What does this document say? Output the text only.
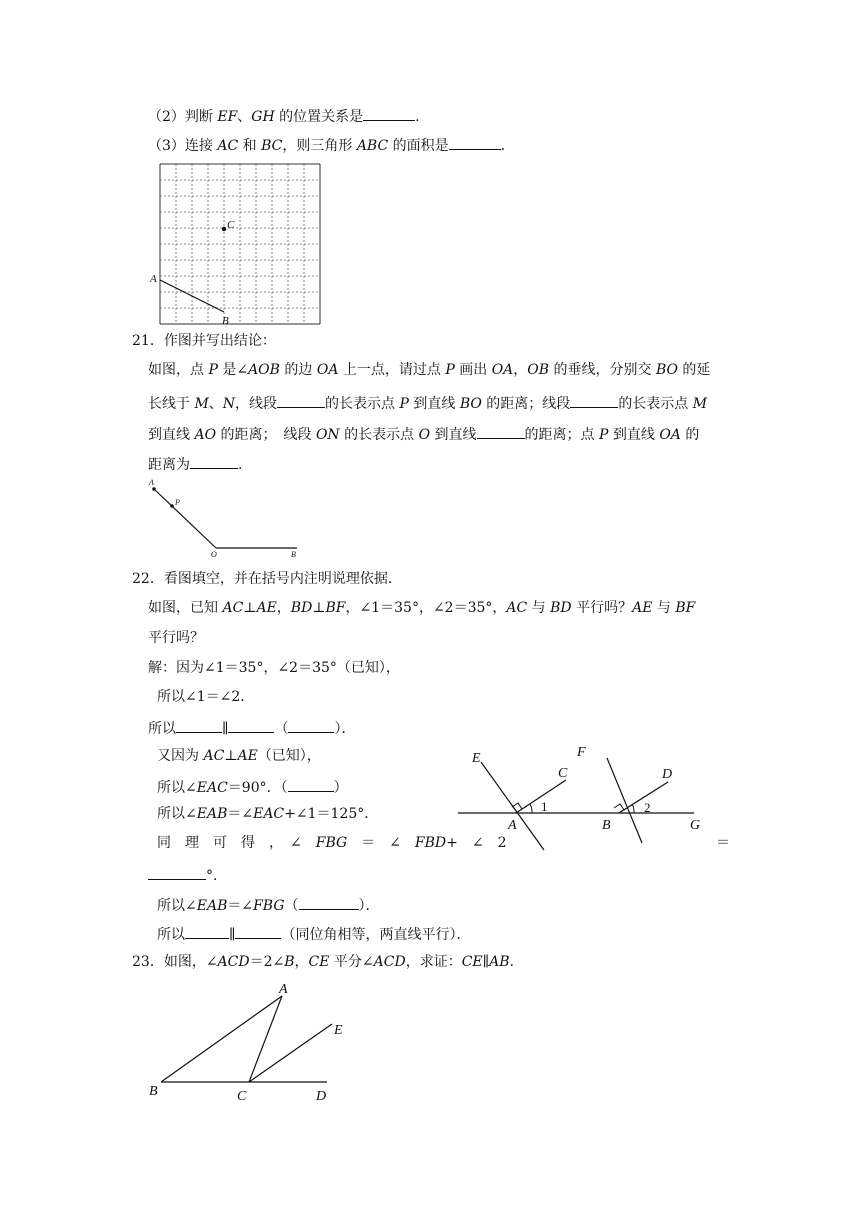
（2）判断 EF、GH 的位置关系是	.
（3）连接 AC 和 BC，则三角形 ABC 的面积是	.
C
A
B
21．作图并写出结论：
如图，点 P 是∠AOB 的边 OA 上一点，请过点 P 画出 OA，OB 的垂线，分别交 BO 的延
长线于 M、N，线段	的长表示点 P 到直线 BO 的距离；线段	的长表示点 M
到直线 AO 的距离；　线段 ON 的长表示点 O 到直线	的距离；点 P 到直线 OA 的
距离为	.
A
P
O	B
22．看图填空，并在括号内注明说理依据．
如图，已知 AC⊥AE，BD⊥BF，∠1＝35°，∠2＝35°，AC 与 BD 平行吗？AE 与 BF
平行吗？
解：因为∠1＝35°，∠2＝35°（已知），
所以∠1＝∠2．
所以	∥	（	）．
又因为 AC⊥AE（已知），
所以∠EAC＝90°．（	）
所以∠EAB＝∠EAC+∠1＝125°．
同　理　可　得　，　∠　FBG　＝　∠　FBD+　∠　2	＝
°．
所以∠EAB＝∠FBG（	）．
所以	∥	（同位角相等，两直线平行）．
E
C
F
D
A	B	G
1	2
23．如图，∠ACD＝2∠B，CE 平分∠ACD，求证：CE∥AB.
A
E
B	C	D
